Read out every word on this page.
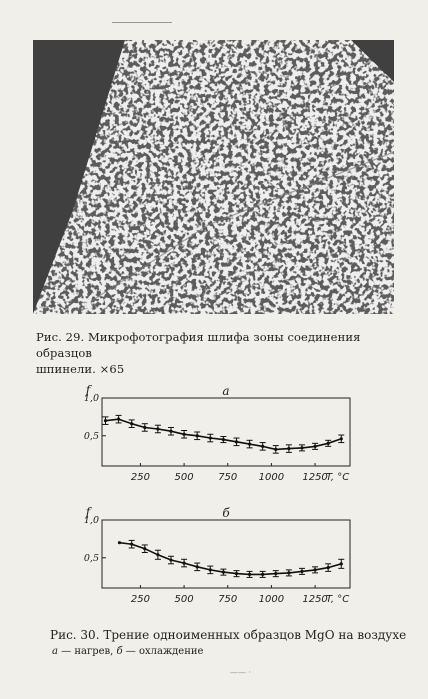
Рис. 29. Микрофотография шлифа зоны соединения образцов
шпинели. ×65
1,0
0,5
250 500 750 1000 1250
T, °C
f	а
1,0
0,5
250 500 750 1000 1250
T, °C
f	б
Рис. 30. Трение одноименных образцов MgO на воздухе
а — нагрев, б — охлаждение
—— ·
